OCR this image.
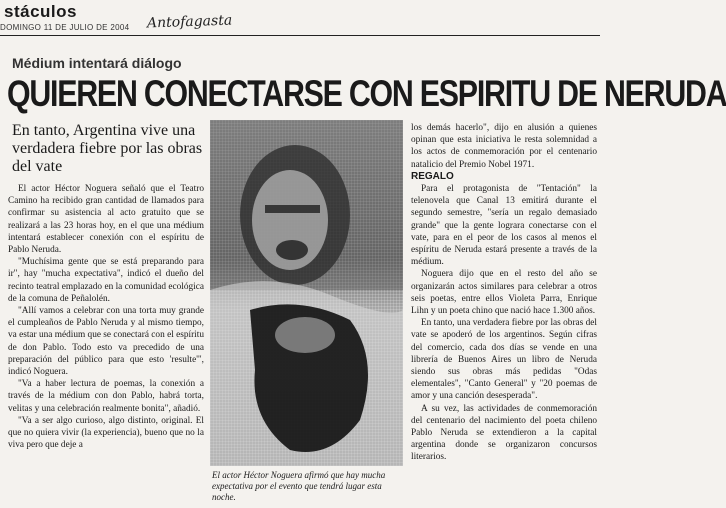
stáculos
Antofagasta
DOMINGO 11 DE JULIO DE 2004
Médium intentará diálogo
QUIEREN CONECTARSE CON ESPIRITU DE NERUDA
En tanto, Argentina vive una verdadera fiebre por las obras del vate

El actor Héctor Noguera señaló que el Teatro Camino ha recibido gran cantidad de llamados para confirmar su asistencia al acto gratuito que se realizará a las 23 horas hoy, en el que una médium intentará establecer conexión con el espíritu de Pablo Neruda.

"Muchísima gente que se está preparando para ir", hay "mucha expectativa", indicó el dueño del recinto teatral emplazado en la comunidad ecológica de la comuna de Peñalolén.

"Allí vamos a celebrar con una torta muy grande el cumpleaños de Pablo Neruda y al mismo tiempo, va estar una médium que se conectará con el espíritu de don Pablo. Todo esto va precedido de una preparación del público para que esto 'resulte'", indicó Noguera.

"Va a haber lectura de poemas, la conexión a través de la médium con don Pablo, habrá torta, velitas y una celebración realmente bonita", añadió.

"Va a ser algo curioso, algo distinto, original. El que no quiera vivir (la experiencia), bueno que no la viva pero que deje a

El actor Héctor Noguera afirmó que hay mucha expectativa por el evento que tendrá lugar esta noche.

los demás hacerlo", dijo en alusión a quienes opinan que esta iniciativa le resta solemnidad a los actos de conmemoración por el centenario natalicio del Premio Nobel 1971.

REGALO

Para el protagonista de "Tentación" la telenovela que Canal 13 emitirá durante el segundo semestre, "sería un regalo demasiado grande" que la gente lograra conectarse con el vate, para en el peor de los casos al menos el espíritu de Neruda estará presente a través de la médium.

Noguera dijo que en el resto del año se organizarán actos similares para celebrar a otros seis poetas, entre ellos Violeta Parra, Enrique Lihn y un poeta chino que nació hace 1.300 años.

En tanto, una verdadera fiebre por las obras del vate se apoderó de los argentinos. Según cifras del comercio, cada dos días se vende en una librería de Buenos Aires un libro de Neruda siendo sus obras más pedidas "Odas elementales", "Canto General" y "20 poemas de amor y una canción desesperada".

A su vez, las actividades de conmemoración del centenario del nacimiento del poeta chileno Pablo Neruda se extendieron a la capital argentina donde se organizaron concursos literarios.
